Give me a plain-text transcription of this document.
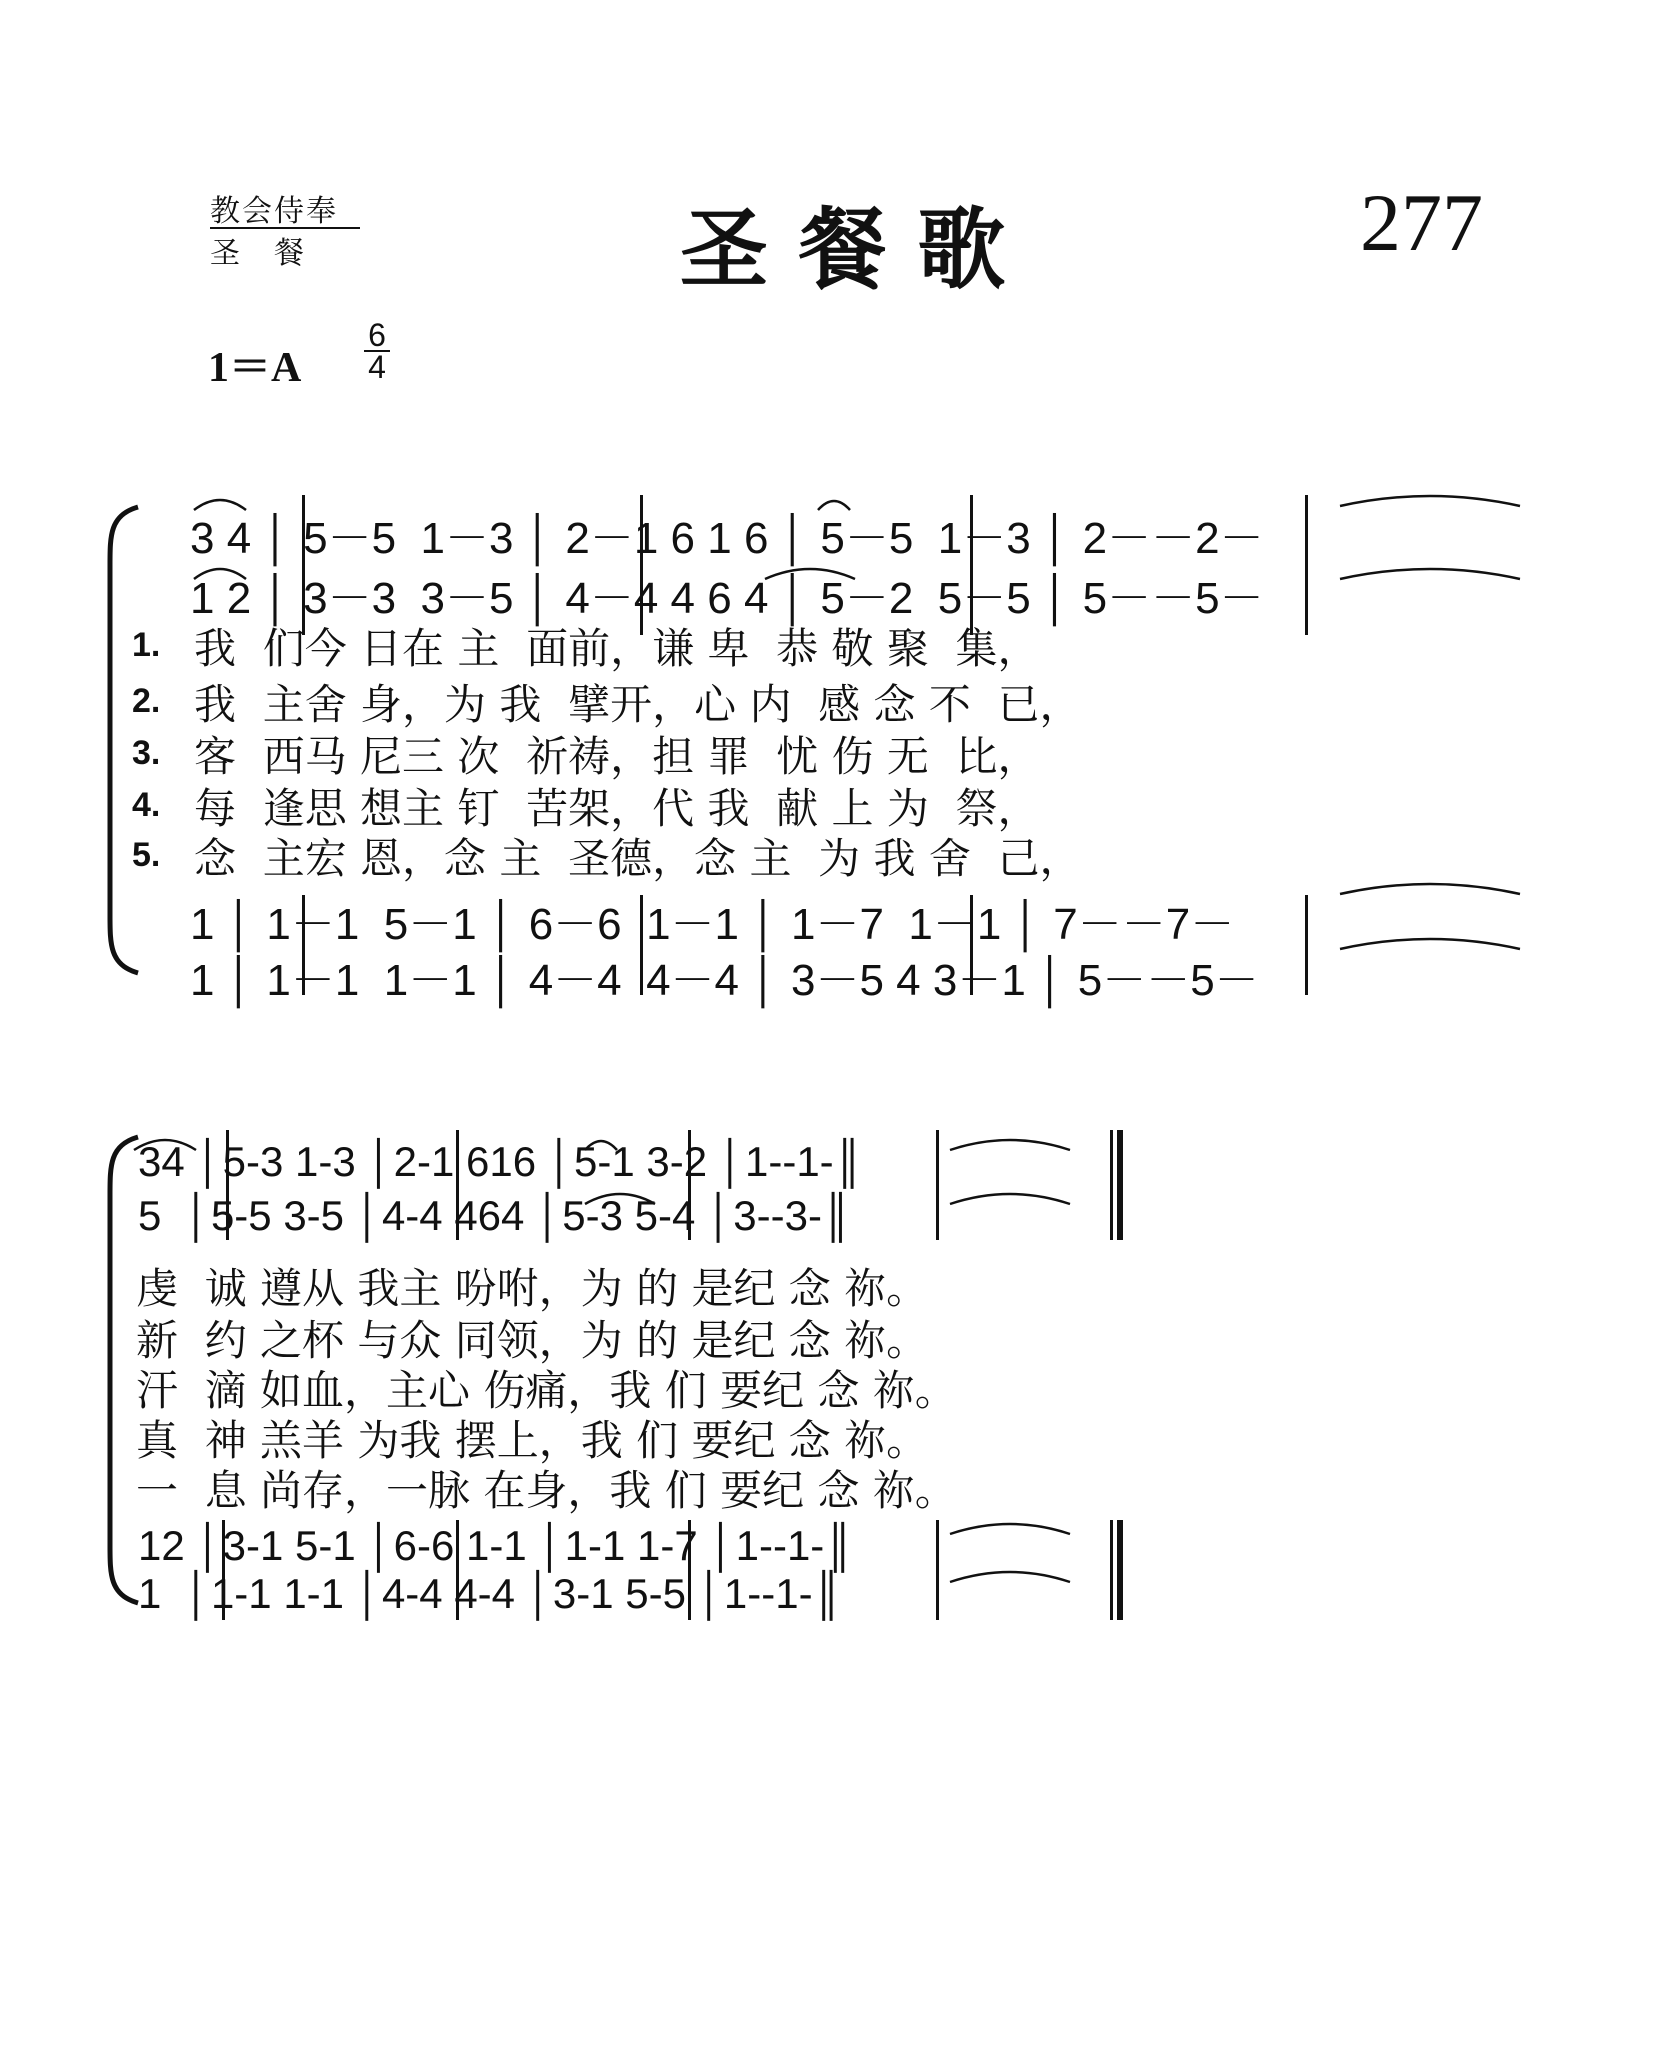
教会侍奉
圣　餐	圣 餐 歌	277
1＝A
6
4
3 4 │ 5－5  1－3 │ 2－1 6 1 6 │ 5－5  1－3 │ 2－－2－
1 2 │ 3－3  3－5 │ 4－4 4 6 4 │ 5－2  5－5 │ 5－－5－
1.
2.
3.
4.
5.
我  们今 日在 主  面前，谦 卑  恭 敬 聚  集，
我  主舍 身，为 我  擘开，心 内  感 念 不  已，
客  西马 尼三 次  祈祷，担 罪  忧 伤 无  比，
每  逢思 想主 钉  苦架，代 我  献 上 为  祭，
念  主宏 恩，念 主  圣德，念 主  为 我 舍  己，
1 │ 1－1  5－1 │ 6－6  1－1 │ 1－7  1－1 │ 7－－7－
1 │ 1－1  1－1 │ 4－4  4－4 │ 3－5 4 3－1 │ 5－－5－
34 │5-3 1-3 │2-1 616 │5-1 3-2 │1--1-║
5  │5-5 3-5 │4-4 464 │5-3 5-4 │3--3-║
虔  诚 遵从 我主 吩咐，为 的 是纪 念 祢。
新  约 之杯 与众 同领，为 的 是纪 念 祢。
汗  滴 如血，主心 伤痛，我 们 要纪 念 祢。
真  神 羔羊 为我 摆上，我 们 要纪 念 祢。
一  息 尚存，一脉 在身，我 们 要纪 念 祢。
12 │3-1 5-1 │6-6 1-1 │1-1 1-7 │1--1-║
1  │1-1 1-1 │4-4 4-4 │3-1 5-5 │1--1-║
